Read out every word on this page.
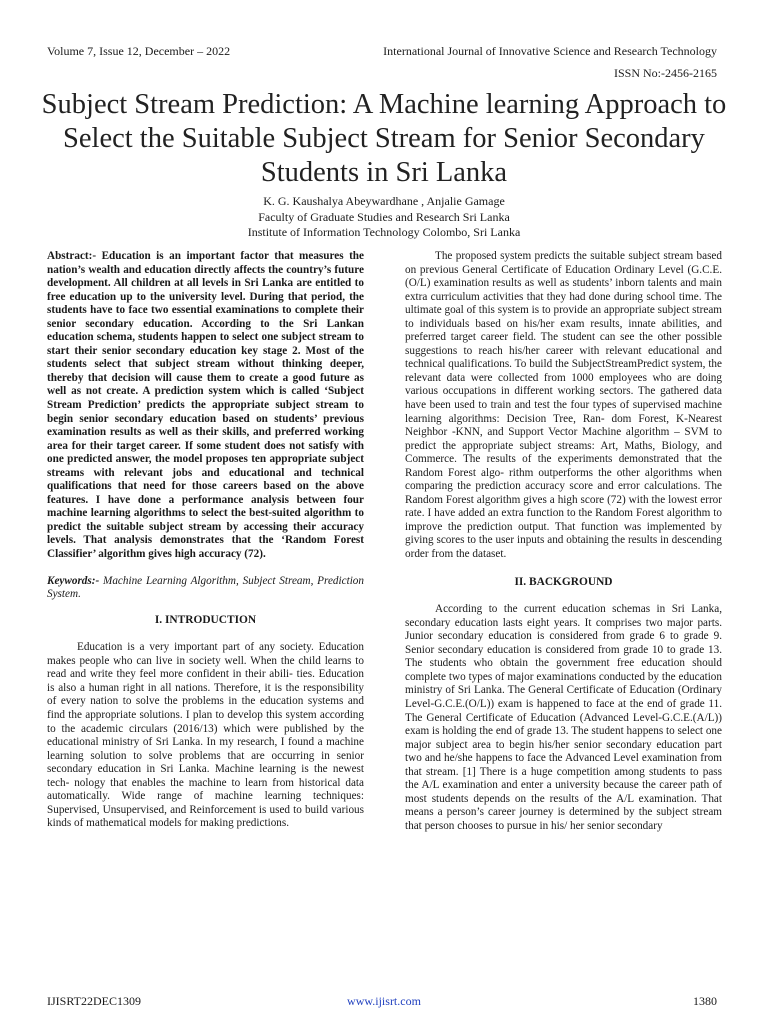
Volume 7, Issue 12, December – 2022	International Journal of Innovative Science and Research Technology
ISSN No:-2456-2165
Subject Stream Prediction: A Machine learning Approach to Select the Suitable Subject Stream for Senior Secondary Students in Sri Lanka
K. G. Kaushalya Abeywardhane , Anjalie Gamage
Faculty of Graduate Studies and Research Sri Lanka
Institute of Information Technology Colombo, Sri Lanka

Abstract:- Education is an important factor that measures the nation’s wealth and education directly affects the country’s future development. All children at all levels in Sri Lanka are entitled to free education up to the university level. During that period, the students have to face two essential examinations to complete their senior secondary education. According to the Sri Lankan education schema, students happen to select one subject stream to start their senior secondary education key stage 2. Most of the students select that subject stream without thinking deeper, thereby that decision will cause them to create a good future as well as not create. A prediction system which is called ‘Subject Stream Prediction’ predicts the appropriate subject stream to begin senior secondary education based on students’ previous examination results as well as their skills, and preferred working area for their target career. If some student does not satisfy with one predicted answer, the model proposes ten appropriate subject streams with relevant jobs and educational and technical qualifications that need for those careers based on the above features. I have done a performance analysis between four machine learning algorithms to select the best-suited algorithm to predict the suitable subject stream by accessing their accuracy levels. That analysis demonstrates that the ‘Random Forest Classifier’ algorithm gives high accuracy (72).

Keywords:- Machine Learning Algorithm, Subject Stream, Prediction System.

I. INTRODUCTION

Education is a very important part of any society. Education makes people who can live in society well. When the child learns to read and write they feel more confident in their abili- ties. Education is also a human right in all nations. Therefore, it is the responsibility of every nation to solve the problems in the education systems and find the appropriate solutions. I plan to develop this system according to the academic circulars (2016/13) which were published by the educational ministry of Sri Lanka. In my research, I found a machine learning solution to solve problems that are occurring in senior secondary education in Sri Lanka. Machine learning is the newest tech- nology that enables the machine to learn from historical data automatically. Wide range of machine learning techniques: Supervised, Unsupervised, and Reinforcement is used to build various kinds of mathematical models for making predictions.

The proposed system predicts the suitable subject stream based on previous General Certificate of Education Ordinary Level (G.C.E.(O/L) examination results as well as students’ inborn talents and main extra curriculum activities that they had done during school time. The ultimate goal of this system is to provide an appropriate subject stream to individuals based on his/her exam results, innate abilities, and preferred target career field. The student can see the other possible suggestions to reach his/her career with relevant educational and technical qualifications. To build the SubjectStreamPredict system, the relevant data were collected from 1000 employees who are doing various occupations in different working sectors. The gathered data have been used to train and test the four types of supervised machine learning algorithms: Decision Tree, Ran- dom Forest, K-Nearest Neighbor -KNN, and Support Vector Machine algorithm – SVM to predict the appropriate subject streams: Art, Maths, Biology, and Commerce. The results of the experiments demonstrated that the Random Forest algo- rithm outperforms the other algorithms when comparing the prediction accuracy score and error calculations. The Random Forest algorithm gives a high score (72) with the lowest error rate. I have added an extra function to the Random Forest algorithm to improve the prediction output. That function was implemented by giving scores to the user inputs and obtaining the results in descending order from the dataset.

II. BACKGROUND

According to the current education schemas in Sri Lanka, secondary education lasts eight years. It comprises two major parts. Junior secondary education is considered from grade 6 to grade 9. Senior secondary education is considered from grade 10 to grade 13. The students who obtain the government free education should complete two types of major examinations conducted by the education ministry of Sri Lanka. The General Certificate of Education (Ordinary Level-G.C.E.(O/L)) exam is happened to face at the end of grade 11. The General Certificate of Education (Advanced Level-G.C.E.(A/L)) exam is holding the end of grade 13. The student happens to select one major subject area to begin his/her senior secondary education part two and he/she happens to face the Advanced Level examination from that stream. [1] There is a huge competition among students to pass the A/L examination and enter a university because the career path of most students depends on the results of the A/L examination. That means a person’s career journey is determined by the subject stream that person chooses to pursue in his/ her senior secondary

IJISRT22DEC1309	www.ijisrt.com	1380
